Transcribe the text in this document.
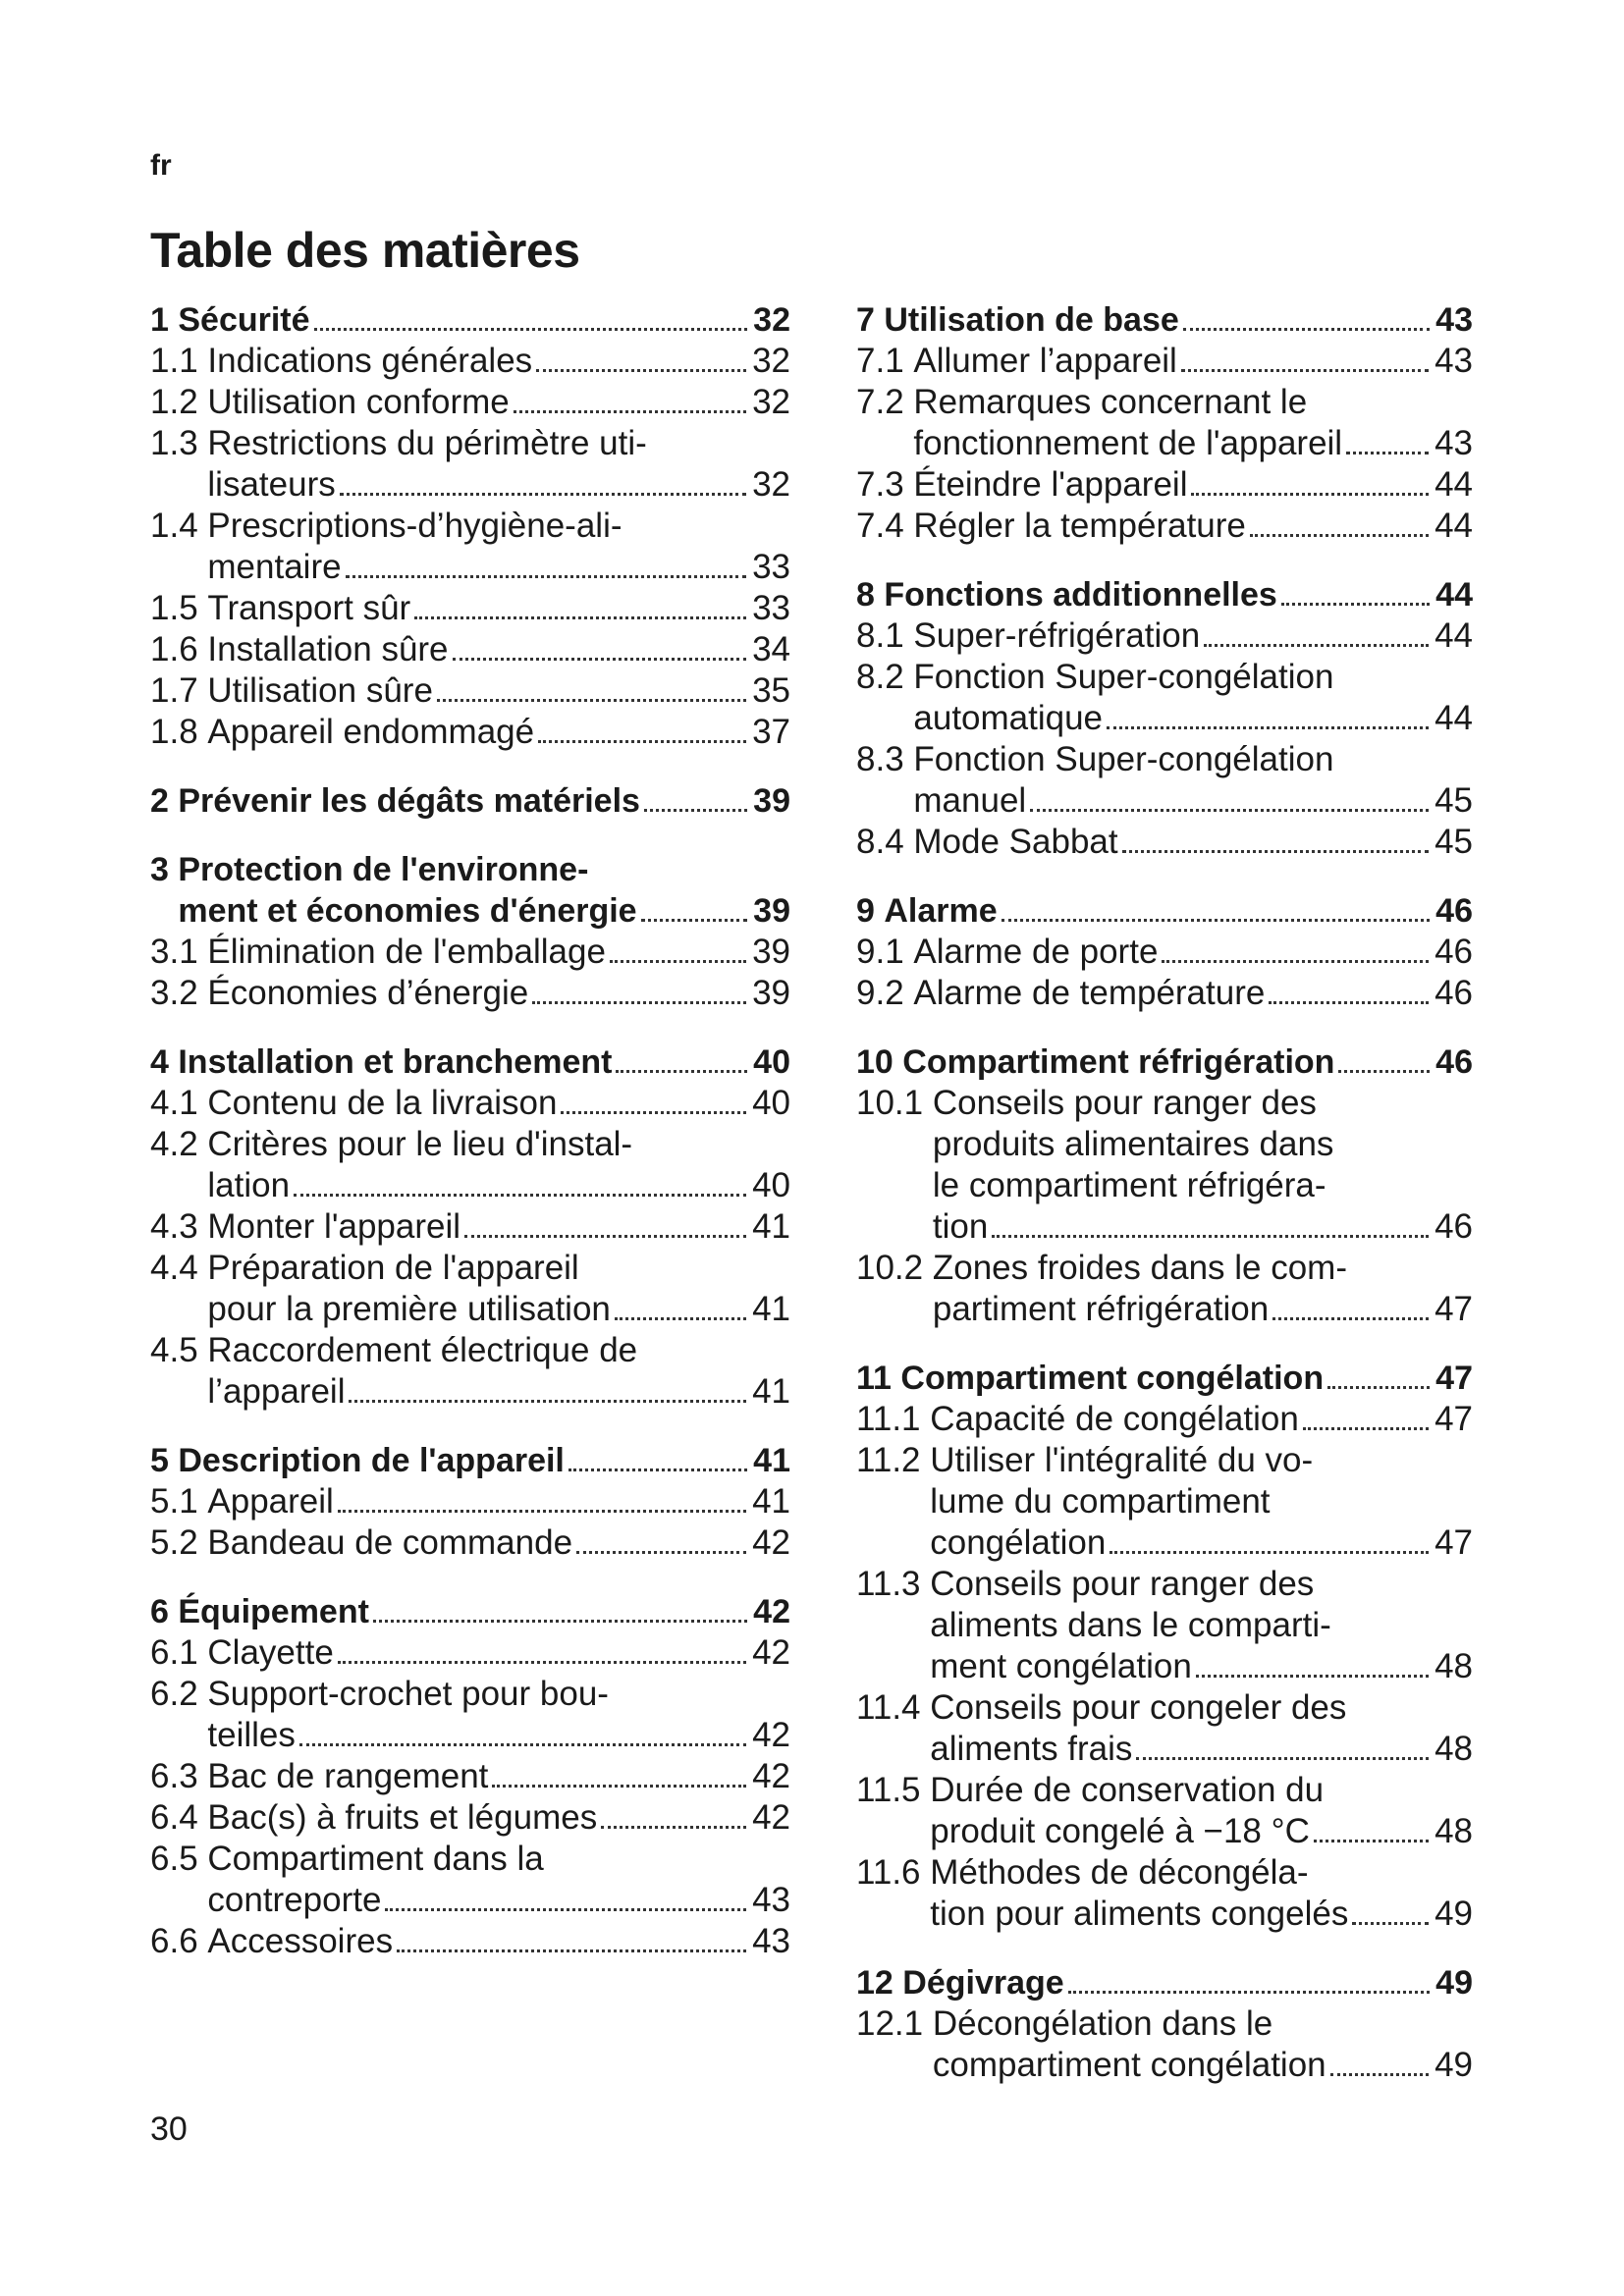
fr
Table des matières
1 Sécurité	32
1.1 Indications générales	32
1.2 Utilisation conforme	32
1.3 Restrictions du périmètre uti-
lisateurs	32
1.4 Prescriptions-d’hygiène-ali-
mentaire	33
1.5 Transport sûr	33
1.6 Installation sûre	34
1.7 Utilisation sûre	35
1.8 Appareil endommagé	37
2 Prévenir les dégâts matériels	39
3 Protection de l'environne-
ment et économies d'énergie	39
3.1 Élimination de l'emballage	39
3.2 Économies d’énergie	39
4 Installation et branchement	40
4.1 Contenu de la livraison	40
4.2 Critères pour le lieu d'instal-
lation	40
4.3 Monter l'appareil	41
4.4 Préparation de l'appareil
pour la première utilisation	41
4.5 Raccordement électrique de
l’appareil	41
5 Description de l'appareil	41
5.1 Appareil	41
5.2 Bandeau de commande	42
6 Équipement	42
6.1 Clayette	42
6.2 Support-crochet pour bou-
teilles	42
6.3 Bac de rangement	42
6.4 Bac(s) à fruits et légumes	42
6.5 Compartiment dans la
contreporte	43
6.6 Accessoires	43
7 Utilisation de base	43
7.1 Allumer l’appareil	43
7.2 Remarques concernant le
fonctionnement de l'appareil	43
7.3 Éteindre l'appareil	44
7.4 Régler la température	44
8 Fonctions additionnelles	44
8.1 Super-réfrigération	44
8.2 Fonction Super-congélation
automatique	44
8.3 Fonction Super-congélation
manuel	45
8.4 Mode Sabbat	45
9 Alarme	46
9.1 Alarme de porte	46
9.2 Alarme de température	46
10 Compartiment réfrigération	46
10.1 Conseils pour ranger des
produits alimentaires dans
le compartiment réfrigéra-
tion	46
10.2 Zones froides dans le com-
partiment réfrigération	47
11 Compartiment congélation	47
11.1 Capacité de congélation	47
11.2 Utiliser l'intégralité du vo-
lume du compartiment
congélation	47
11.3 Conseils pour ranger des
aliments dans le comparti-
ment congélation	48
11.4 Conseils pour congeler des
aliments frais	48
11.5 Durée de conservation du
produit congelé à −18 °C	48
11.6 Méthodes de décongéla-
tion pour aliments congelés	49
12 Dégivrage	49
12.1 Décongélation dans le
compartiment congélation	49
30
